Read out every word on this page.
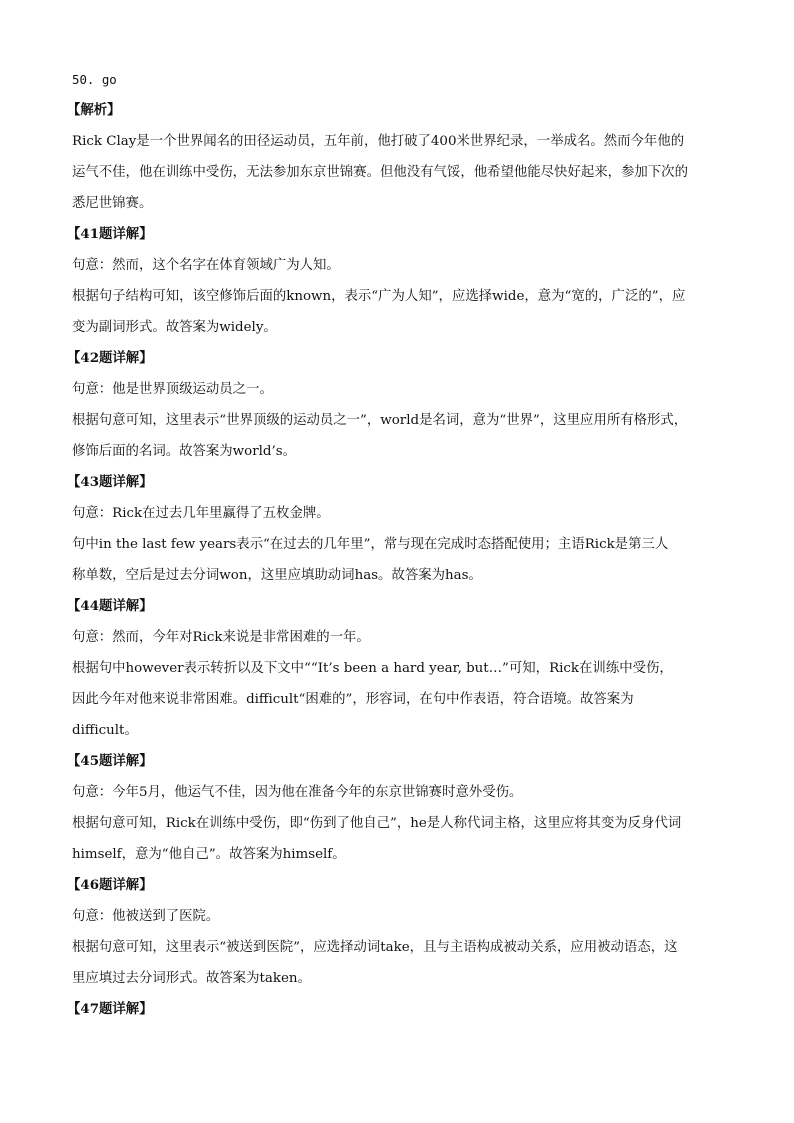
50. go
【解析】
Rick Clay是一个世界闻名的田径运动员，五年前，他打破了400米世界纪录，一举成名。然而今年他的
运气不佳，他在训练中受伤，无法参加东京世锦赛。但他没有气馁，他希望他能尽快好起来，参加下次的
悉尼世锦赛。
【41题详解】
句意：然而，这个名字在体育领域广为人知。
根据句子结构可知，该空修饰后面的known，表示“广为人知”，应选择wide，意为“宽的，广泛的”，应
变为副词形式。故答案为widely。
【42题详解】
句意：他是世界顶级运动员之一。
根据句意可知，这里表示“世界顶级的运动员之一”，world是名词，意为“世界”，这里应用所有格形式，
修饰后面的名词。故答案为world’s。
【43题详解】
句意：Rick在过去几年里赢得了五枚金牌。
句中in the last few years表示“在过去的几年里”，常与现在完成时态搭配使用；主语Rick是第三人
称单数，空后是过去分词won，这里应填助动词has。故答案为has。
【44题详解】
句意：然而，今年对Rick来说是非常困难的一年。
根据句中however表示转折以及下文中““It’s been a hard year, but…”可知，Rick在训练中受伤，
因此今年对他来说非常困难。difficult“困难的”，形容词，在句中作表语，符合语境。故答案为
difficult。
【45题详解】
句意：今年5月，他运气不佳，因为他在准备今年的东京世锦赛时意外受伤。
根据句意可知，Rick在训练中受伤，即“伤到了他自己”，he是人称代词主格，这里应将其变为反身代词
himself，意为“他自己”。故答案为himself。
【46题详解】
句意：他被送到了医院。
根据句意可知，这里表示“被送到医院”，应选择动词take，且与主语构成被动关系，应用被动语态，这
里应填过去分词形式。故答案为taken。
【47题详解】
